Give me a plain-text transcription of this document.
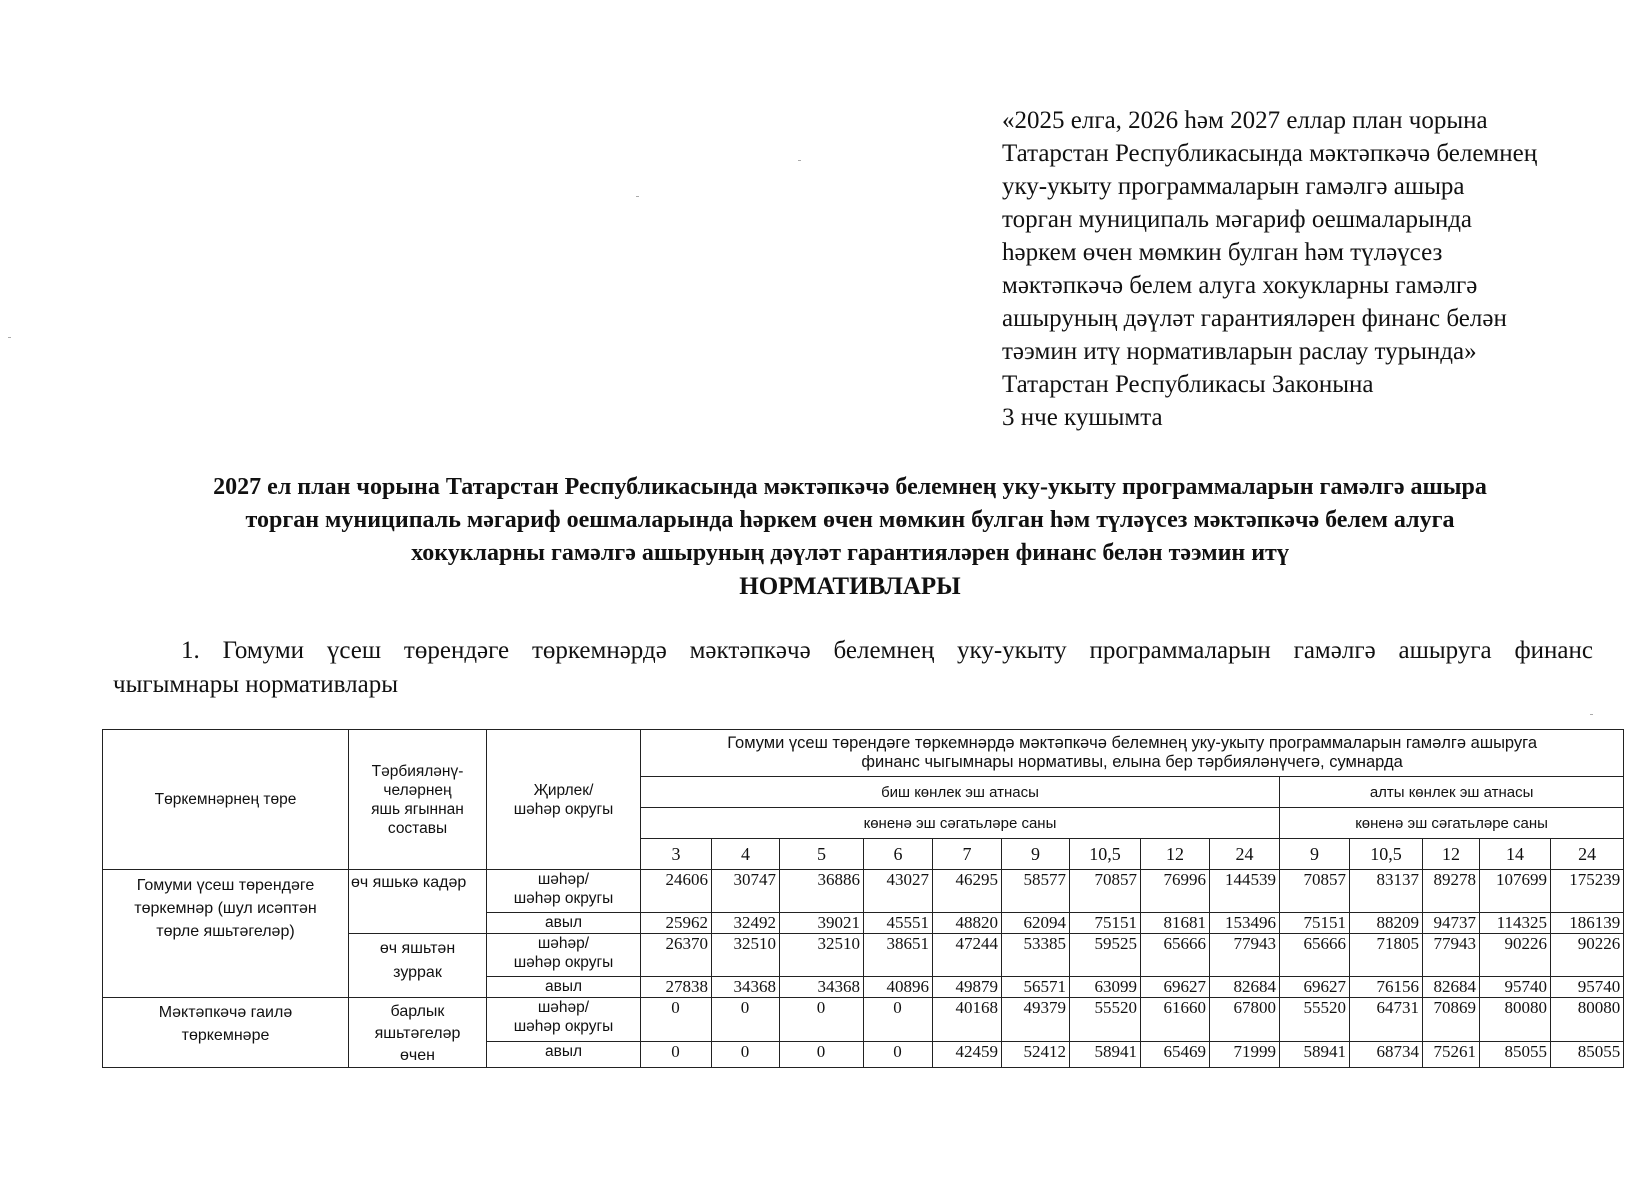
«2025 елга, 2026 һәм 2027 еллар план чорына
Татарстан Республикасында мәктәпкәчә белемнең
уку-укыту программаларын гамәлгә ашыра
торган муниципаль мәгариф оешмаларында
һәркем өчен мөмкин булган һәм түләүсез
мәктәпкәчә белем алуга хокукларны гамәлгә
ашыруның дәүләт гарантияләрен финанс белән
тәэмин итү нормативларын раслау турында»
Татарстан Республикасы Законына
3 нче кушымта
2027 ел план чорына Татарстан Республикасында мәктәпкәчә белемнең уку-укыту программаларын гамәлгә ашыра
торган муниципаль мәгариф оешмаларында һәркем өчен мөмкин булган һәм түләүсез мәктәпкәчә белем алуга
хокукларны гамәлгә ашыруның дәүләт гарантияләрен финанс белән тәэмин итү
НОРМАТИВЛАРЫ
1. Гомуми үсеш төрендәге төркемнәрдә мәктәпкәчә белемнең уку-укыту программаларын гамәлгә ашыруга финанс
чыгымнары нормативлары
Төркемнәрнең төре	Тәрбияләнү-
челәрнең
яшь ягыннан
составы	Җирлек/
шәһәр округы	Гомуми үсеш төрендәге төркемнәрдә мәктәпкәчә белемнең уку-укыту программаларын гамәлгә ашыруга
финанс чыгымнары нормативы, елына бер тәрбияләнүчегә, сумнарда													
			биш көнлек эш атнасы									алты көнлек эш атнасы				
			көненә эш сәгатьләре саны									көненә эш сәгатьләре саны				
			3	4	5	6	7	9	10,5	12	24	9	10,5	12	14	24
Гомуми үсеш төрендәге
төркемнәр (шул исәптән
төрле яшьтәгеләр)	өч яшькә кадәр	шәһәр/
шәһәр округы	24606	30747	36886	43027	46295	58577	70857	76996	144539	70857	83137	89278	107699	175239
		авыл	25962	32492	39021	45551	48820	62094	75151	81681	153496	75151	88209	94737	114325	186139
	өч яшьтән
зуррак	шәһәр/
шәһәр округы	26370	32510	32510	38651	47244	53385	59525	65666	77943	65666	71805	77943	90226	90226
		авыл	27838	34368	34368	40896	49879	56571	63099	69627	82684	69627	76156	82684	95740	95740
Мәктәпкәчә гаилә
төркемнәре	барлык
яшьтәгеләр
өчен	шәһәр/
шәһәр округы	0	0	0	0	40168	49379	55520	61660	67800	55520	64731	70869	80080	80080
		авыл	0	0	0	0	42459	52412	58941	65469	71999	58941	68734	75261	85055	85055
